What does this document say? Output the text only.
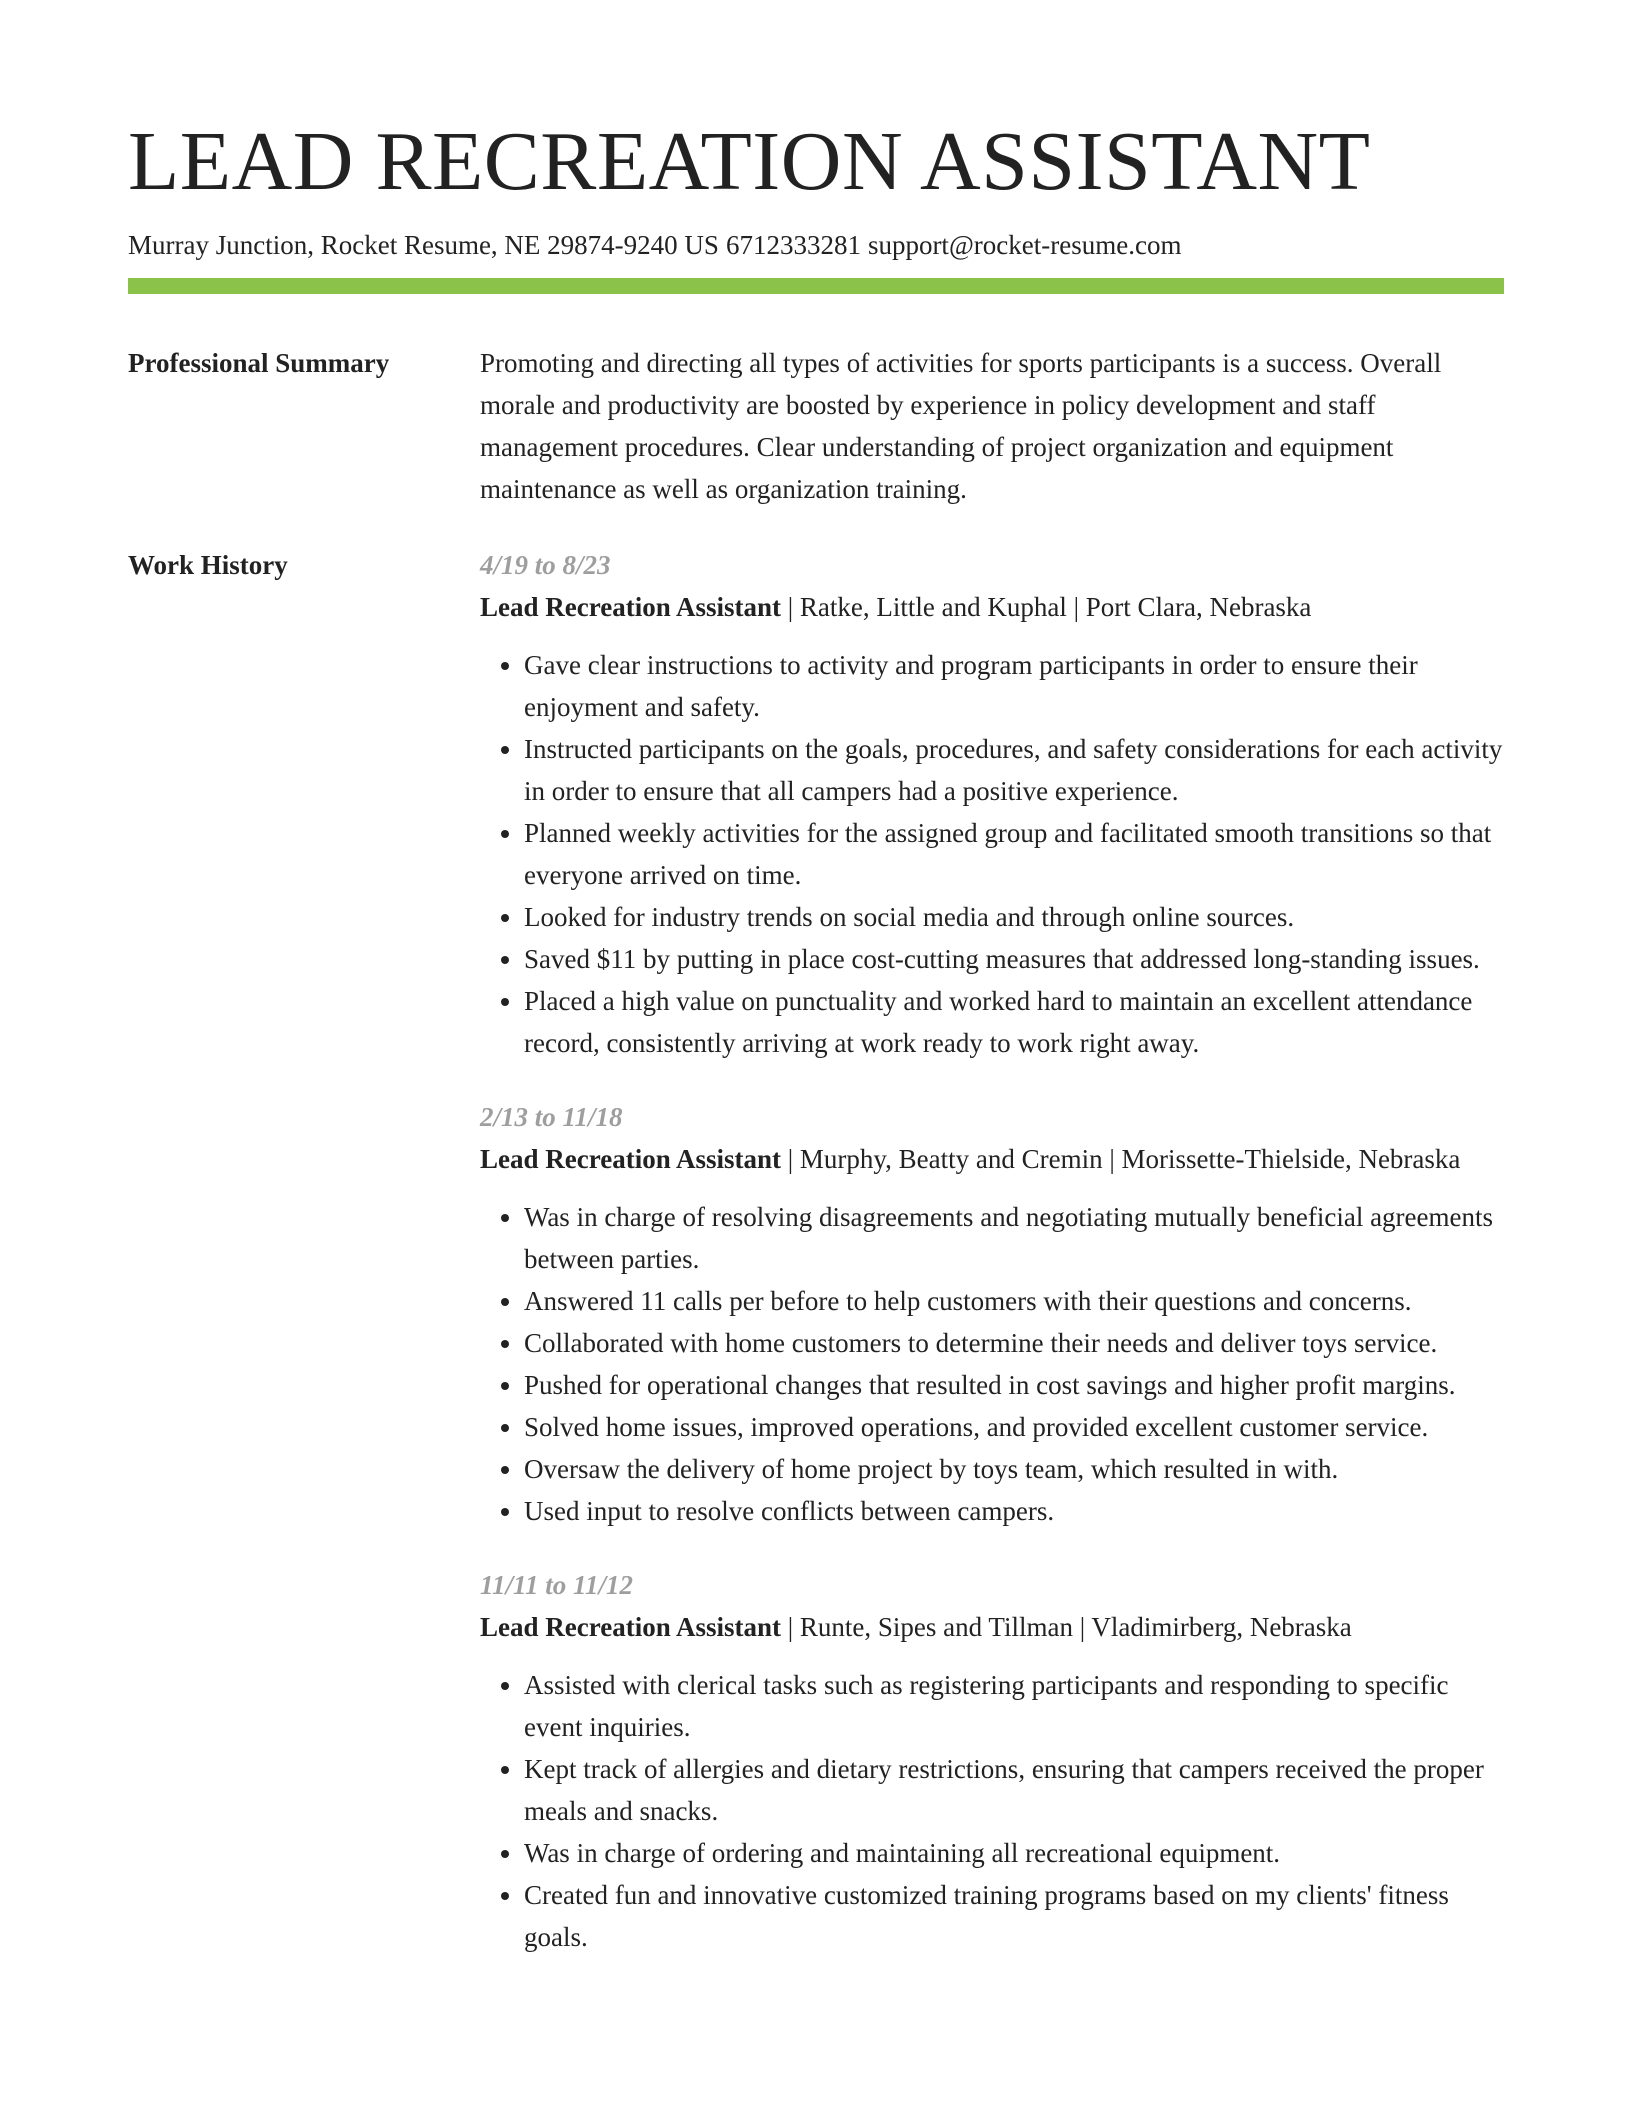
LEAD RECREATION ASSISTANT
Murray Junction, Rocket Resume, NE 29874-9240 US 6712333281 support@rocket-resume.com
Professional Summary	Promoting and directing all types of activities for sports participants is a success. Overall morale and productivity are boosted by experience in policy development and staff management procedures. Clear understanding of project organization and equipment maintenance as well as organization training.

Work History	4/19 to 8/23
Lead Recreation Assistant | Ratke, Little and Kuphal | Port Clara, Nebraska
• Gave clear instructions to activity and program participants in order to ensure their enjoyment and safety.
• Instructed participants on the goals, procedures, and safety considerations for each activity in order to ensure that all campers had a positive experience.
• Planned weekly activities for the assigned group and facilitated smooth transitions so that everyone arrived on time.
• Looked for industry trends on social media and through online sources.
• Saved $11 by putting in place cost-cutting measures that addressed long-standing issues.
• Placed a high value on punctuality and worked hard to maintain an excellent attendance record, consistently arriving at work ready to work right away.
2/13 to 11/18
Lead Recreation Assistant | Murphy, Beatty and Cremin | Morissette-Thielside, Nebraska
• Was in charge of resolving disagreements and negotiating mutually beneficial agreements between parties.
• Answered 11 calls per before to help customers with their questions and concerns.
• Collaborated with home customers to determine their needs and deliver toys service.
• Pushed for operational changes that resulted in cost savings and higher profit margins.
• Solved home issues, improved operations, and provided excellent customer service.
• Oversaw the delivery of home project by toys team, which resulted in with.
• Used input to resolve conflicts between campers.
11/11 to 11/12
Lead Recreation Assistant | Runte, Sipes and Tillman | Vladimirberg, Nebraska
• Assisted with clerical tasks such as registering participants and responding to specific event inquiries.
• Kept track of allergies and dietary restrictions, ensuring that campers received the proper meals and snacks.
• Was in charge of ordering and maintaining all recreational equipment.
• Created fun and innovative customized training programs based on my clients' fitness goals.
